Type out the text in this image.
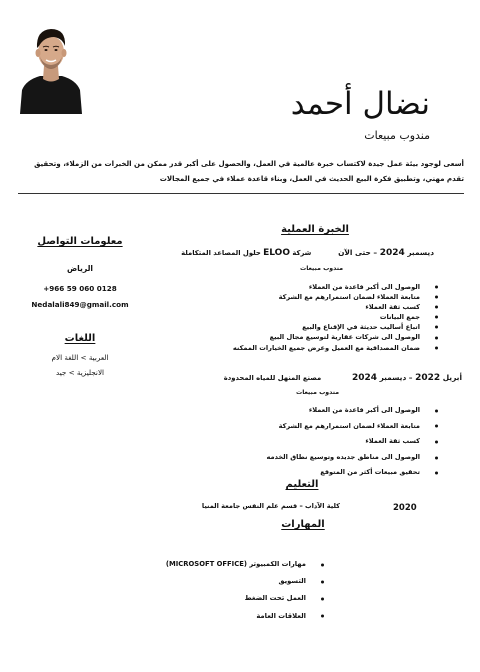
نضال أحمد
مندوب مبيعات
أسعى لوجود بيئة عمل جيدة لاكتساب خبرة عالمية في العمل، والحصول على أكبر قدر ممكن من الخبرات من الزملاء، وتحقيق تقدم مهني، وتطبيق فكرة البيع الحديث في العمل، وبناء قاعدة عملاء في جميع المجالات
معلومات التواصل
الرياض
+966 59 060 0128
Nedalali849@gmail.com
اللغات
العربية > اللغة الام
الانجليزية > جيد
الخبرة العملية
ديسمبر 2024 – حتى الآن  شركة ELOO حلول المصاعد المتكاملة
مندوب مبيعات
الوصول الى أكبر قاعدة من العملاء
متابعة العملاء لضمان استمرارهم مع الشركة
كسب ثقة العملاء
جمع البيانات
اتباع أساليب حديثة في الإقناع والبيع
الوصول الى شركات عقارية لتوسيع مجال البيع
ضمان المصداقية مع العميل وعرض جميع الخيارات الممكنه
أبريل 2022 – ديسمبر 2024  مصنع المنهل للمياه المحدودة
مندوب مبيعات
الوصول الى أكبر قاعدة من العملاء
متابعة العملاء لضمان استمرارهم مع الشركة
كسب ثقة العملاء
الوصول الى مناطق جديده وتوسيع نطاق الخدمه
تحقيق مبيعات أكثر من المتوقع
التعليم
2020
كلية الآداب – قسم علم النفس جامعة المنيا
المهارات
مهارات الكمبيوتر (MICROSOFT OFFICE)
التسويق
العمل تحت الضغط
العلاقات العامة
